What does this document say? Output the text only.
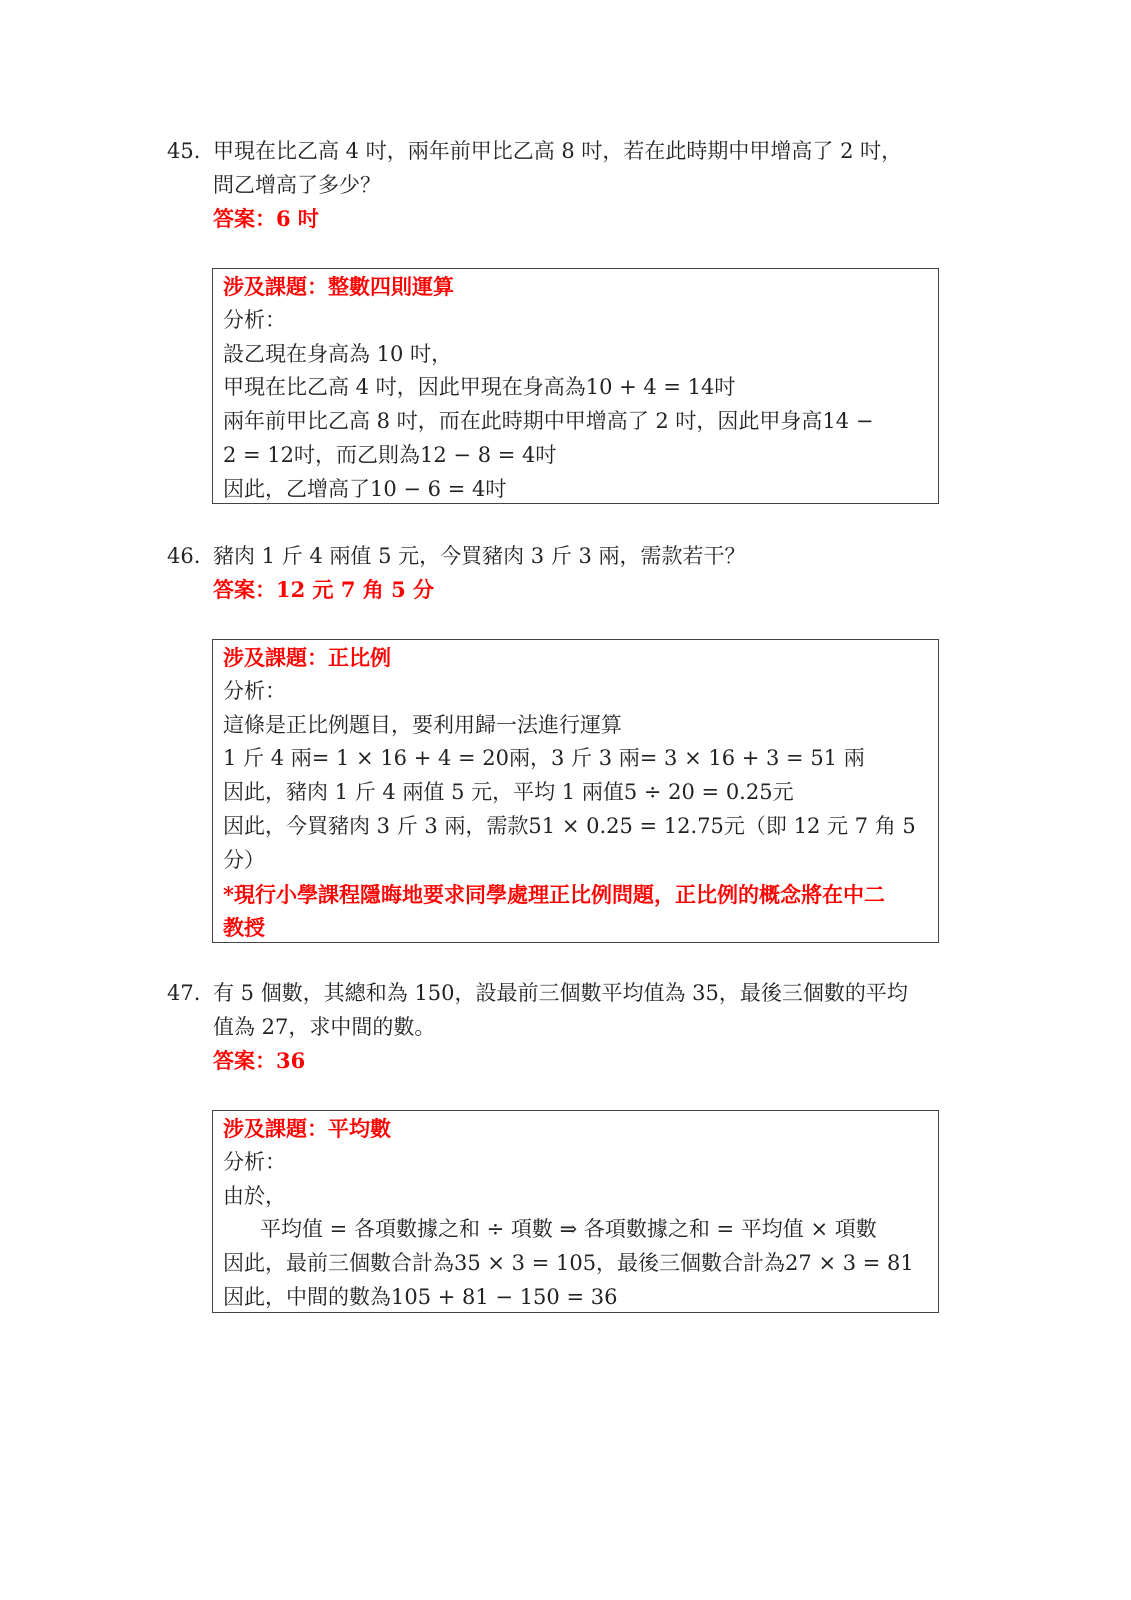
45. 甲現在比乙高 4 吋，兩年前甲比乙高 8 吋，若在此時期中甲增高了 2 吋，
問乙增高了多少？
答案：6 吋
涉及課題：整數四則運算
分析：
設乙現在身高為 10 吋，
甲現在比乙高 4 吋，因此甲現在身高為10 + 4 = 14吋
兩年前甲比乙高 8 吋，而在此時期中甲增高了 2 吋，因此甲身高14 −
2 = 12吋，而乙則為12 − 8 = 4吋
因此，乙增高了10 − 6 = 4吋
46. 豬肉 1 斤 4 兩值 5 元，今買豬肉 3 斤 3 兩，需款若干？
答案：12 元 7 角 5 分
涉及課題：正比例
分析：
這條是正比例題目，要利用歸一法進行運算
1 斤 4 兩= 1 × 16 + 4 = 20兩，3 斤 3 兩= 3 × 16 + 3 = 51 兩
因此，豬肉 1 斤 4 兩值 5 元，平均 1 兩值5 ÷ 20 = 0.25元
因此，今買豬肉 3 斤 3 兩，需款51 × 0.25 = 12.75元（即 12 元 7 角 5
分）
*現行小學課程隱晦地要求同學處理正比例問題，正比例的概念將在中二
教授
47. 有 5 個數，其總和為 150，設最前三個數平均值為 35，最後三個數的平均
值為 27，求中間的數。
答案：36
涉及課題：平均數
分析：
由於，
平均值 = 各項數據之和 ÷ 項數 ⇒ 各項數據之和 = 平均值 × 項數
因此，最前三個數合計為35 × 3 = 105，最後三個數合計為27 × 3 = 81
因此，中間的數為105 + 81 − 150 = 36
